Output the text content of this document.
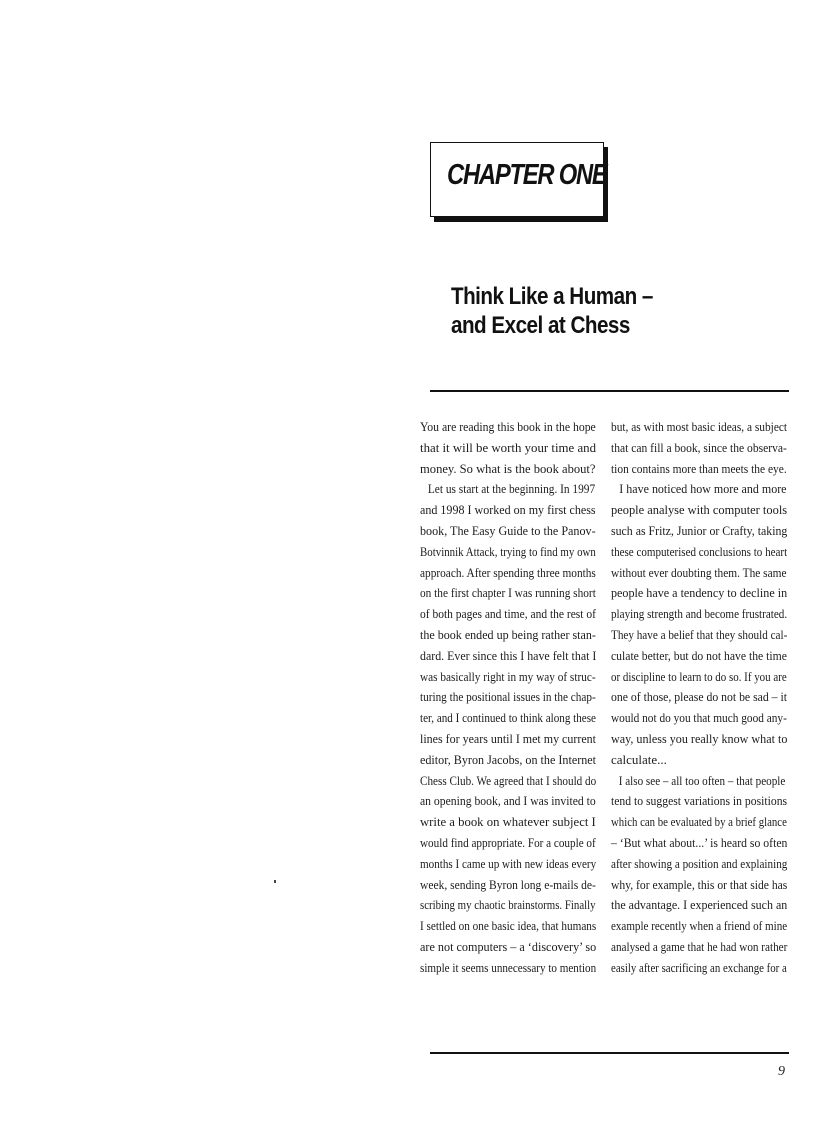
CHAPTER ONE
Think Like a Human –
and Excel at Chess
You are reading this book in the hope
that it will be worth your time and
money. So what is the book about?
Let us start at the beginning. In 1997
and 1998 I worked on my first chess
book, The Easy Guide to the Panov-
Botvinnik Attack, trying to find my own
approach. After spending three months
on the first chapter I was running short
of both pages and time, and the rest of
the book ended up being rather stan-
dard. Ever since this I have felt that I
was basically right in my way of struc-
turing the positional issues in the chap-
ter, and I continued to think along these
lines for years until I met my current
editor, Byron Jacobs, on the Internet
Chess Club. We agreed that I should do
an opening book, and I was invited to
write a book on whatever subject I
would find appropriate. For a couple of
months I came up with new ideas every
week, sending Byron long e-mails de-
scribing my chaotic brainstorms. Finally
I settled on one basic idea, that humans
are not computers – a ‘discovery’ so
simple it seems unnecessary to mention
but, as with most basic ideas, a subject
that can fill a book, since the observa-
tion contains more than meets the eye.
I have noticed how more and more
people analyse with computer tools
such as Fritz, Junior or Crafty, taking
these computerised conclusions to heart
without ever doubting them. The same
people have a tendency to decline in
playing strength and become frustrated.
They have a belief that they should cal-
culate better, but do not have the time
or discipline to learn to do so. If you are
one of those, please do not be sad – it
would not do you that much good any-
way, unless you really know what to
calculate...
I also see – all too often – that people
tend to suggest variations in positions
which can be evaluated by a brief glance
– ‘But what about...’ is heard so often
after showing a position and explaining
why, for example, this or that side has
the advantage. I experienced such an
example recently when a friend of mine
analysed a game that he had won rather
easily after sacrificing an exchange for a
9
